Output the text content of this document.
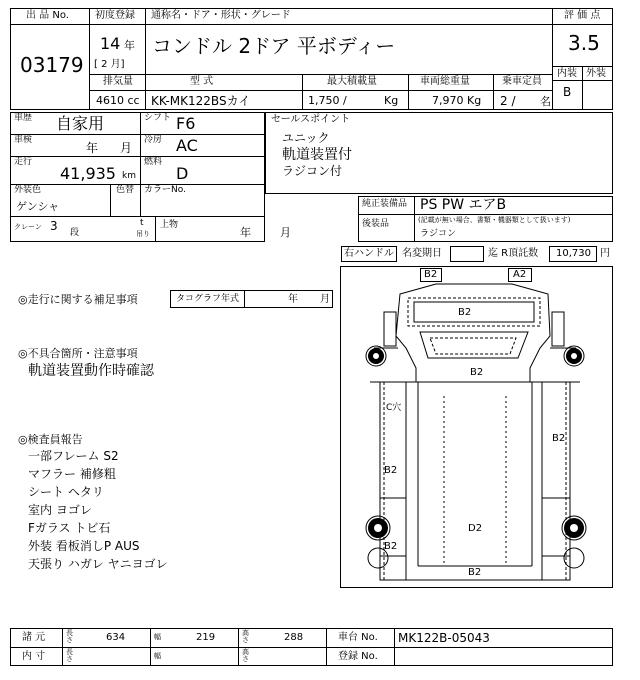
出 品 No.
03179
初度登録 通称名・ドア・形状・グレード
14 年
[ 2 月]
コンドル 2ドア 平ボディー
評 価 点
3.5
内装 外装
B
排気量
4610 cc
型 式
KK-MK122BSカイ
最大積載量
1,750 /	Kg
車両総重量
7,970 Kg
乗車定員
2 / 名
車歴 自家用	シフト F6
車検
年 月
冷房 AC
走行
41,935 km
燃料
D
外装色
ゲンシャ
色替 カラーNo.
クレーン 3 段
t
吊り
上物
年	月
セールスポイント
ユニック
軌道装置付
ラジコン付
純正装備品 PS PW エアB
後装品	(記載が無い場合、書類・機器類として扱います)
ラジコン
右ハンドル 名変期日	迄 R頂託数 10,730 円
◎走行に関する補足事項	タコグラフ年式	年 月
◎不具合箇所・注意事項
軌道装置動作時確認
◎検査員報告
一部フレーム S2
マフラー 補修粗
シート ヘタリ
室内 ヨゴレ
Fガラス トビ石
外装 看板消しP AUS
天張り ハガレ ヤニヨゴレ
B2	A2
B2
B2
C穴
B2
B2
D2
B2
B2
諸 元	長さ	634	幅	219	高さ	288	車台 No. MK122B-05043
内 寸	長さ	幅	高さ	登録 No.
